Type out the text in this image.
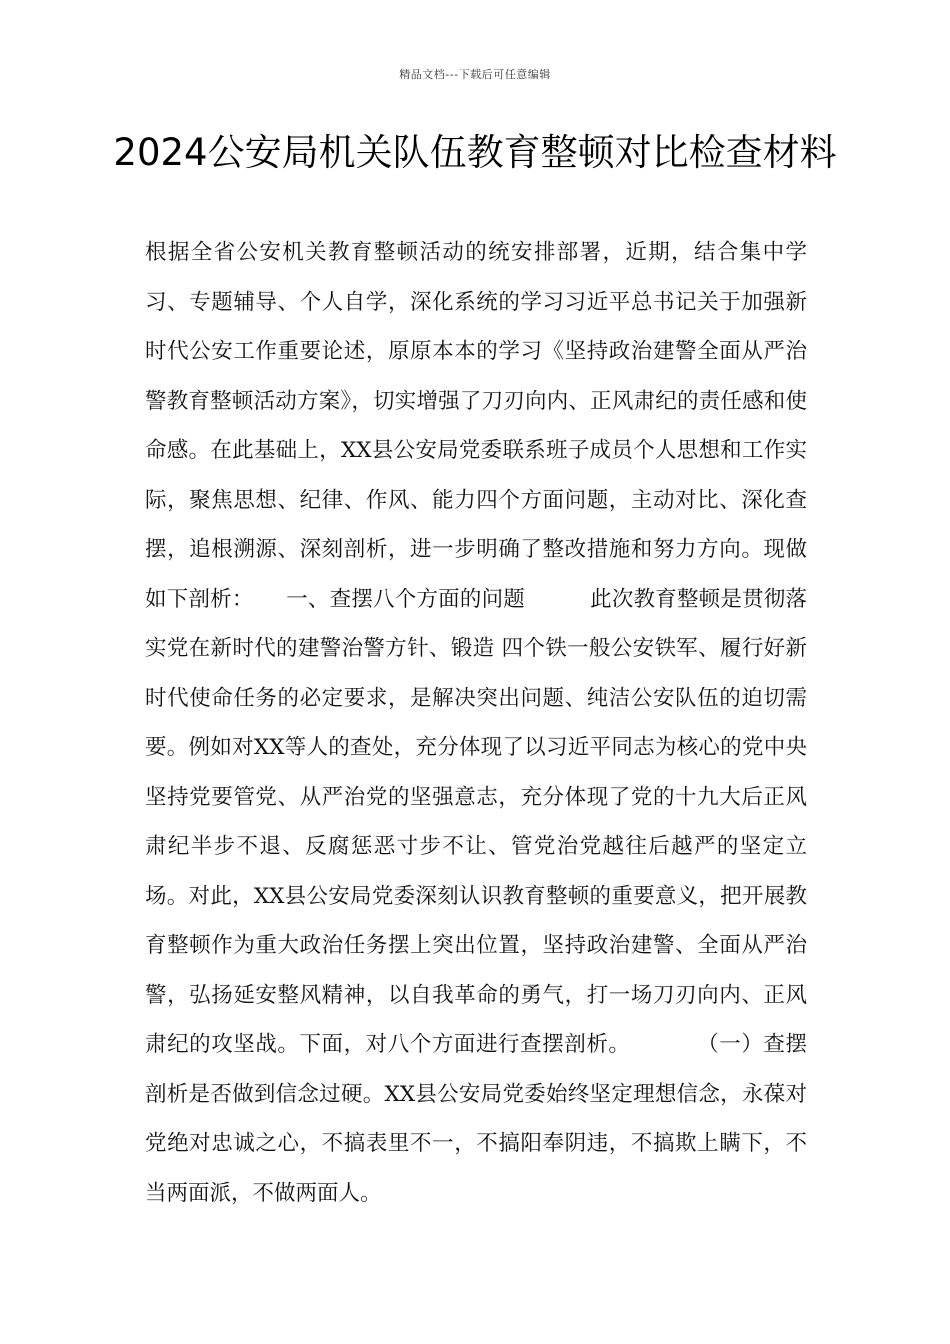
精品文档---下载后可任意编辑
2024公安局机关队伍教育整顿对比检查材料

根据全省公安机关教育整顿活动的统安排部署，近期，结合集中学习、专题辅导、个人自学，深化系统的学习习近平总书记关于加强新时代公安工作重要论述，原原本本的学习《坚持政治建警全面从严治警教育整顿活动方案》，切实增强了刀刃向内、正风肃纪的责任感和使命感。在此基础上，XX县公安局党委联系班子成员个人思想和工作实际，聚焦思想、纪律、作风、能力四个方面问题，主动对比、深化查摆，追根溯源、深刻剖析，进一步明确了整改措施和努力方向。现做如下剖析：　　一、查摆八个方面的问题　　　此次教育整顿是贯彻落实党在新时代的建警治警方针、锻造 四个铁一般公安铁军、履行好新时代使命任务的必定要求，是解决突出问题、纯洁公安队伍的迫切需要。例如对XX等人的查处，充分体现了以习近平同志为核心的党中央坚持党要管党、从严治党的坚强意志，充分体现了党的十九大后正风肃纪半步不退、反腐惩恶寸步不让、管党治党越往后越严的坚定立场。对此，XX县公安局党委深刻认识教育整顿的重要意义，把开展教育整顿作为重大政治任务摆上突出位置，坚持政治建警、全面从严治警，弘扬延安整风精神，以自我革命的勇气，打一场刀刃向内、正风肃纪的攻坚战。下面，对八个方面进行查摆剖析。　　　　（一）查摆剖析是否做到信念过硬。XX县公安局党委始终坚定理想信念，永葆对党绝对忠诚之心，不搞表里不一，不搞阳奉阴违，不搞欺上瞒下，不当两面派，不做两面人。
